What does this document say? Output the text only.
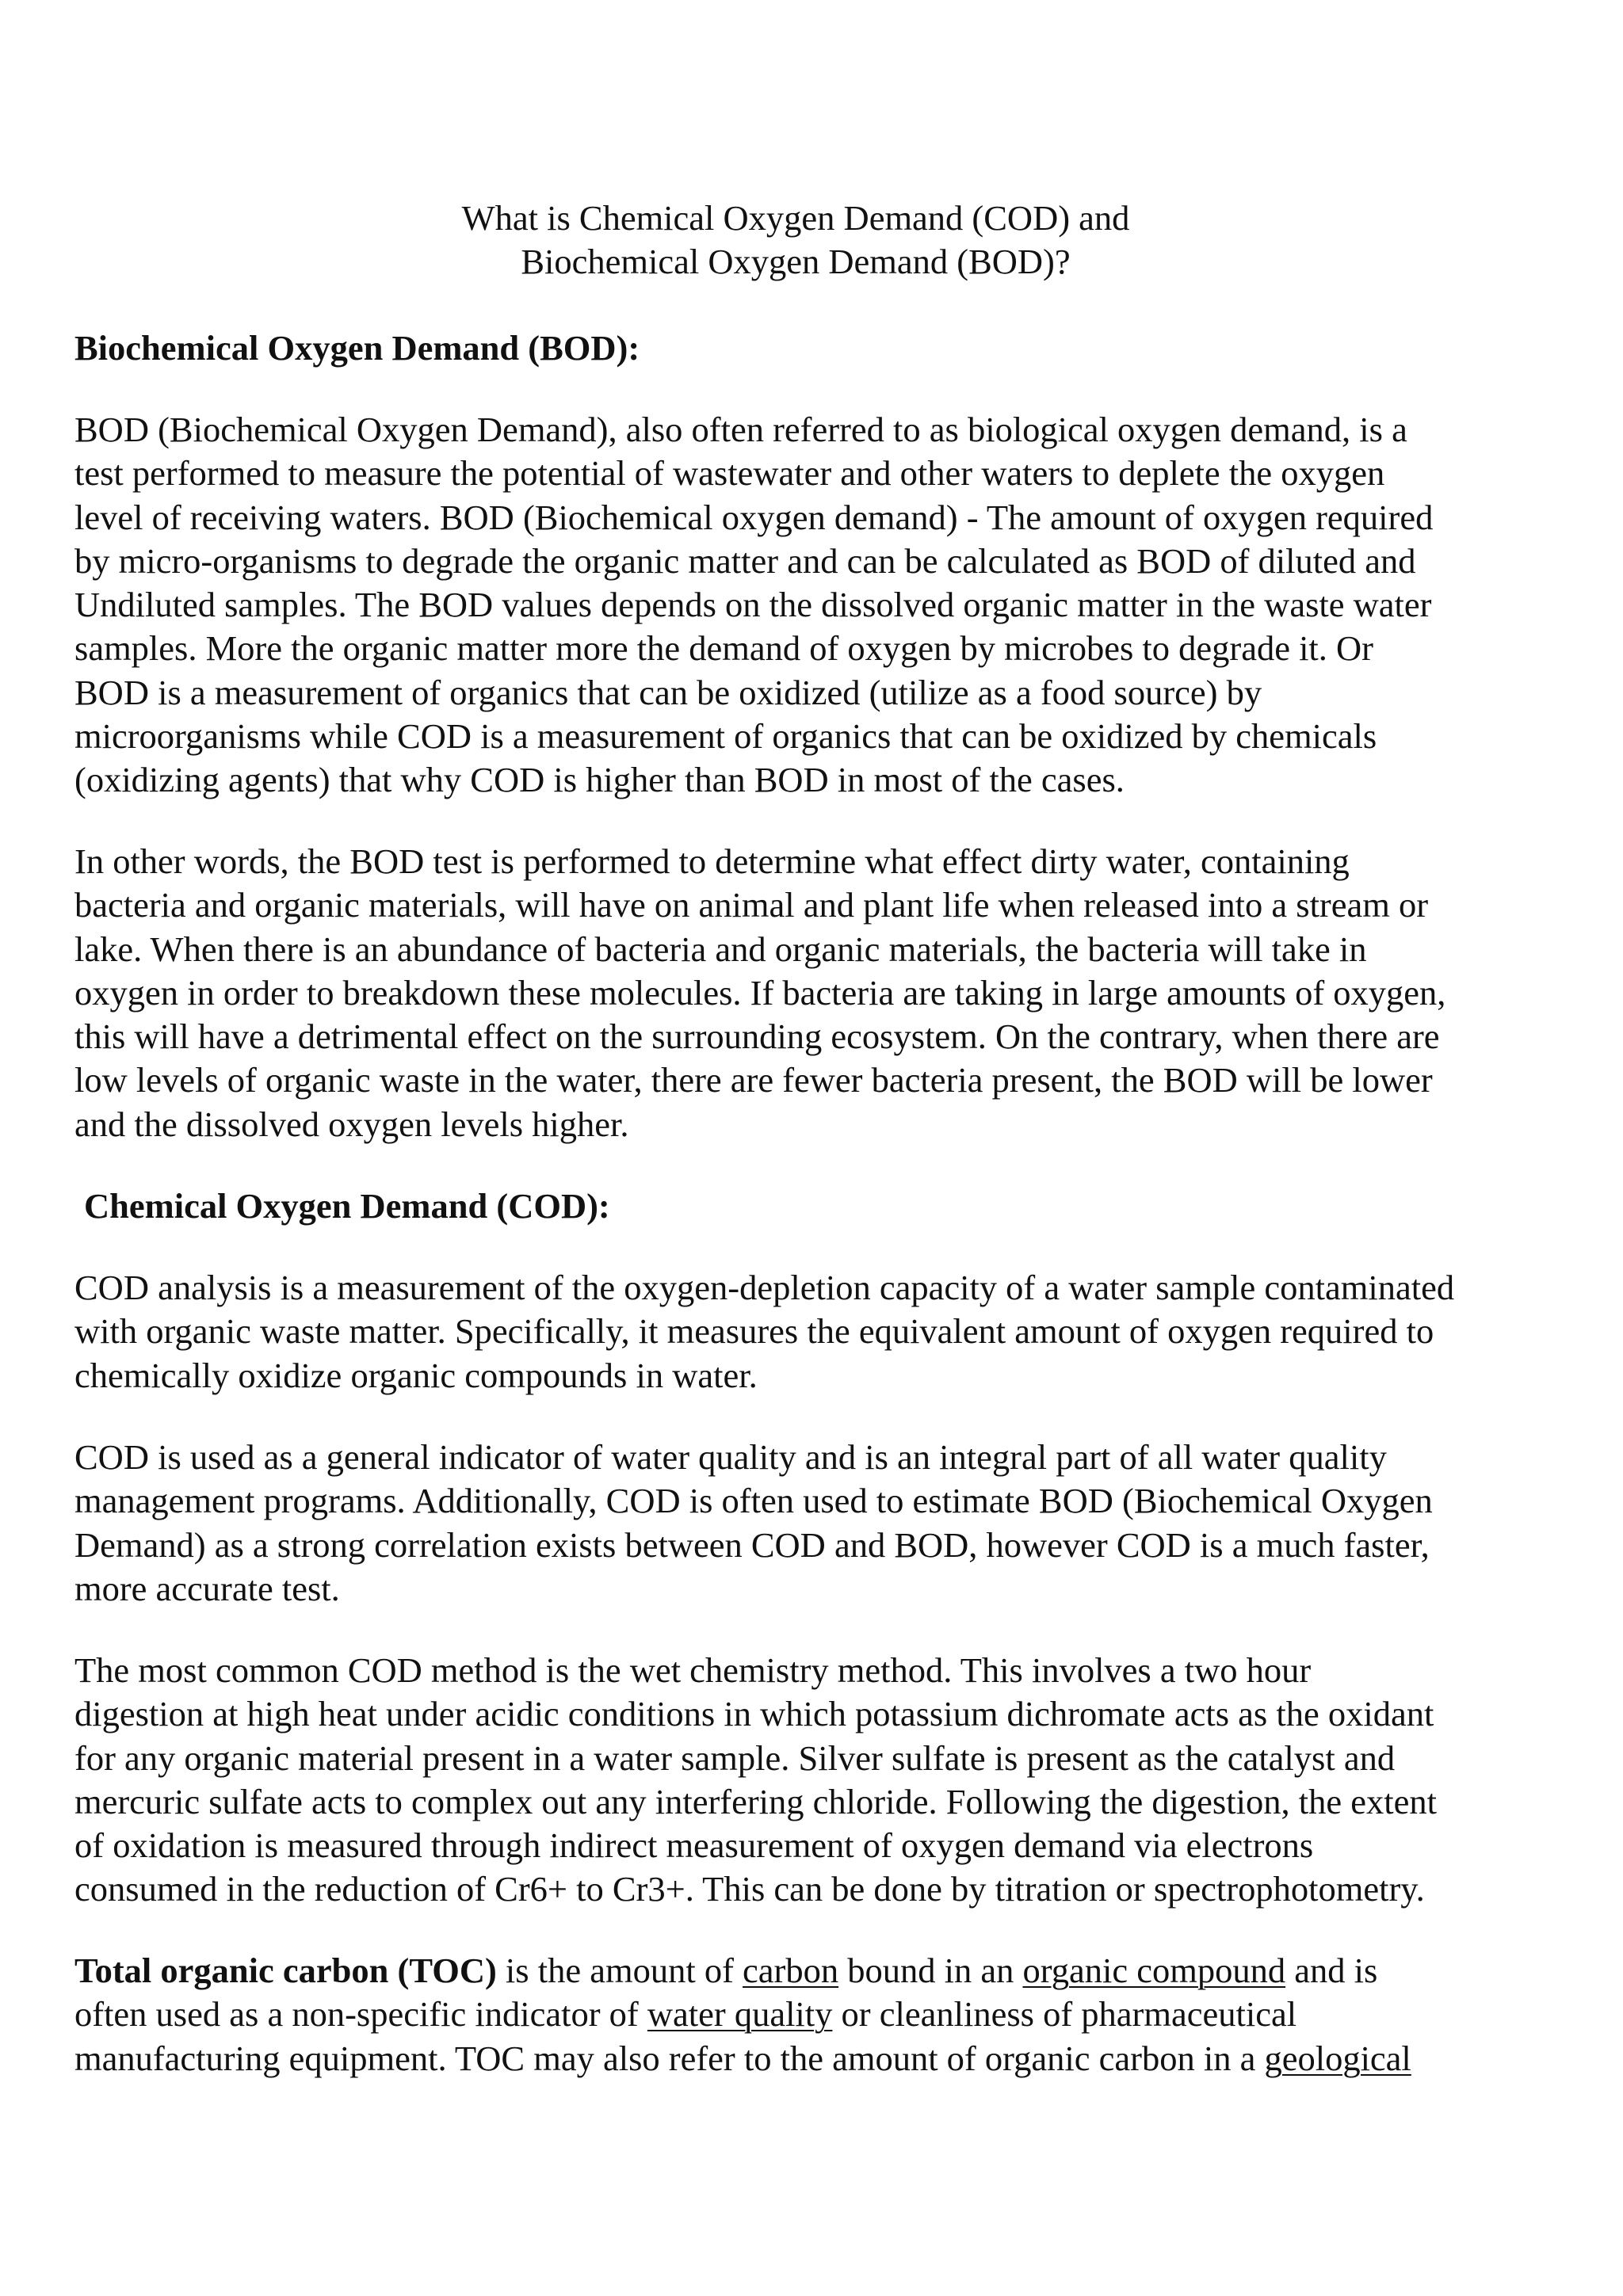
What is Chemical Oxygen Demand (COD) and
Biochemical Oxygen Demand (BOD)?
Biochemical Oxygen Demand (BOD):
BOD (Biochemical Oxygen Demand), also often referred to as biological oxygen demand, is a
test performed to measure the potential of wastewater and other waters to deplete the oxygen
level of receiving waters. BOD (Biochemical oxygen demand) - The amount of oxygen required
by micro-organisms to degrade the organic matter and can be calculated as BOD of diluted and
Undiluted samples. The BOD values depends on the dissolved organic matter in the waste water
samples. More the organic matter more the demand of oxygen by microbes to degrade it. Or
BOD is a measurement of organics that can be oxidized (utilize as a food source) by
microorganisms while COD is a measurement of organics that can be oxidized by chemicals
(oxidizing agents) that why COD is higher than BOD in most of the cases.
In other words, the BOD test is performed to determine what effect dirty water, containing
bacteria and organic materials, will have on animal and plant life when released into a stream or
lake. When there is an abundance of bacteria and organic materials, the bacteria will take in
oxygen in order to breakdown these molecules. If bacteria are taking in large amounts of oxygen,
this will have a detrimental effect on the surrounding ecosystem. On the contrary, when there are
low levels of organic waste in the water, there are fewer bacteria present, the BOD will be lower
and the dissolved oxygen levels higher.
Chemical Oxygen Demand (COD):
COD analysis is a measurement of the oxygen-depletion capacity of a water sample contaminated
with organic waste matter. Specifically, it measures the equivalent amount of oxygen required to
chemically oxidize organic compounds in water.
COD is used as a general indicator of water quality and is an integral part of all water quality
management programs. Additionally, COD is often used to estimate BOD (Biochemical Oxygen
Demand) as a strong correlation exists between COD and BOD, however COD is a much faster,
more accurate test.
The most common COD method is the wet chemistry method. This involves a two hour
digestion at high heat under acidic conditions in which potassium dichromate acts as the oxidant
for any organic material present in a water sample. Silver sulfate is present as the catalyst and
mercuric sulfate acts to complex out any interfering chloride. Following the digestion, the extent
of oxidation is measured through indirect measurement of oxygen demand via electrons
consumed in the reduction of Cr6+ to Cr3+. This can be done by titration or spectrophotometry.
Total organic carbon (TOC) is the amount of carbon bound in an organic compound and is
often used as a non-specific indicator of water quality or cleanliness of pharmaceutical
manufacturing equipment. TOC may also refer to the amount of organic carbon in a geological
